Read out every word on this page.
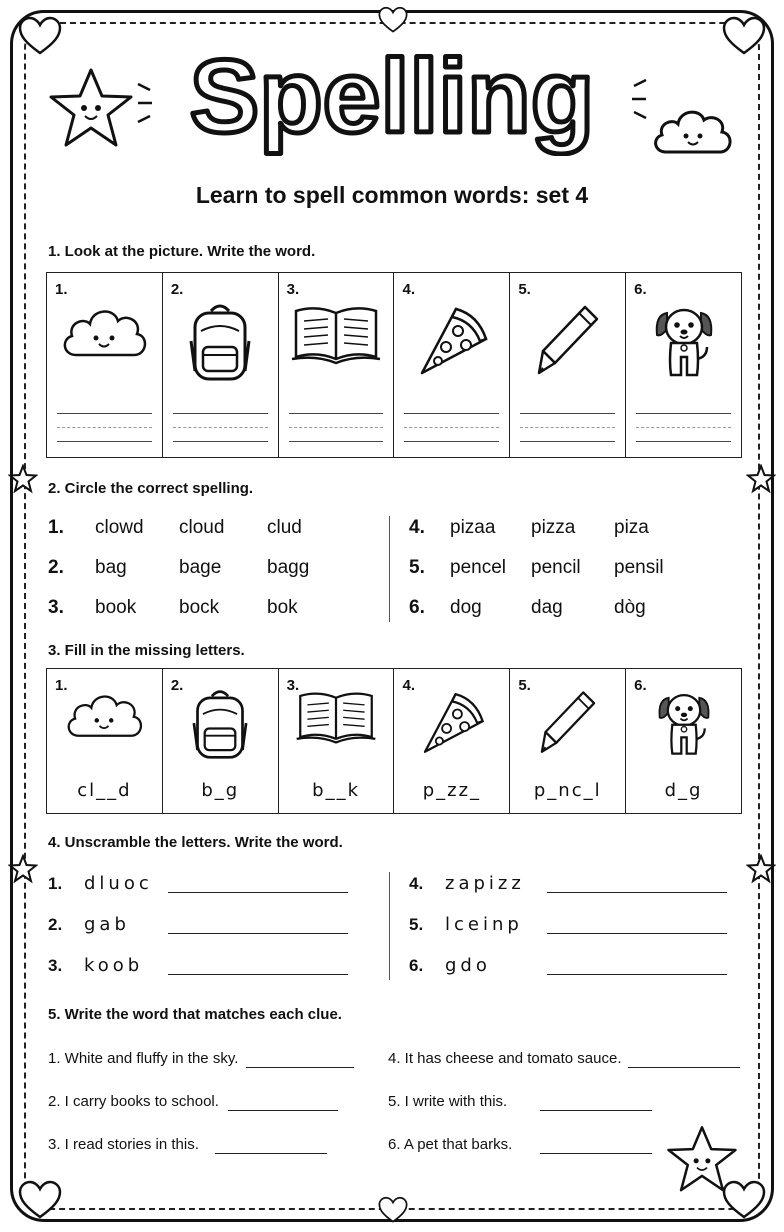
Spelling
Learn to spell common words: set 4
1. Look at the picture. Write the word.
1.	2.	3.	4.	5.	6.
2. Circle the correct spelling.
1. clowd cloud clud
2. bag	bage bagg
3. book bock	bok
4. pizaa pizza piza
5. pencel pencil pensil
6. dog	dag	dòg
3. Fill in the missing letters.
1.
cl__d
2.
b_g
3.
b__k
4.
p_zz_
5.
p_nc_l
6.
d_g
4. Unscramble the letters. Write the word.
1. dluoc
2. gab
3. koob
4. zapizz
5. lceinp
6. gdo
5. Write the word that matches each clue.
1. White and fluffy in the sky.
2. I carry books to school.
3. I read stories in this.
4. It has cheese and tomato sauce.
5. I write with this.
6. A pet that barks.
